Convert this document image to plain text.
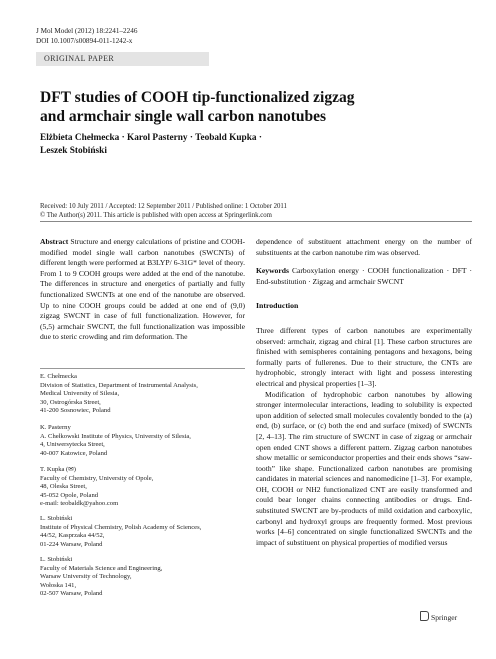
J Mol Model (2012) 18:2241–2246
DOI 10.1007/s00894-011-1242-x
ORIGINAL PAPER
DFT studies of COOH tip-functionalized zigzag
and armchair single wall carbon nanotubes
Elżbieta Chełmecka · Karol Pasterny · Teobald Kupka ·
Leszek Stobiński
Received: 10 July 2011 / Accepted: 12 September 2011 / Published online: 1 October 2011
© The Author(s) 2011. This article is published with open access at Springerlink.com
Abstract Structure and energy calculations of pristine and COOH-modified model single wall carbon nanotubes (SWCNTs) of different length were performed at B3LYP/ 6-31G* level of theory. From 1 to 9 COOH groups were added at the end of the nanotube. The differences in structure and energetics of partially and fully functionalized SWCNTs at one end of the nanotube are observed. Up to nine COOH groups could be added at one end of (9,0) zigzag SWCNT in case of full functionalization. However, for (5,5) armchair SWCNT, the full functionalization was impossible due to steric crowding and rim deformation. The
E. Chełmecka
Division of Statistics, Department of Instrumental Analysis,
Medical University of Silesia,
30, Ostrogórska Street,
41-200 Sosnowiec, Poland
K. Pasterny
A. Chełkowski Institute of Physics, University of Silesia,
4, Uniwersytecka Street,
40-007 Katowice, Poland
T. Kupka (✉)
Faculty of Chemistry, University of Opole,
48, Oleska Street,
45-052 Opole, Poland
e-mail: teobaldk@yahoo.com
L. Stobiński
Institute of Physical Chemistry, Polish Academy of Sciences,
44/52, Kasprzaka 44/52,
01-224 Warsaw, Poland
L. Stobiński
Faculty of Materials Science and Engineering,
Warsaw University of Technology,
Wołoska 141,
02-507 Warsaw, Poland
dependence of substituent attachment energy on the number of substituents at the carbon nanotube rim was observed.
Keywords Carboxylation energy · COOH functionalization · DFT · End-substitution · Zigzag and armchair SWCNT
Introduction

Three different types of carbon nanotubes are experimentally observed: armchair, zigzag and chiral [1]. These carbon structures are finished with semispheres containing pentagons and hexagons, being formally parts of fullerenes. Due to their structure, the CNTs are hydrophobic, strongly interact with light and possess interesting electrical and physical properties [1–3].

Modification of hydrophobic carbon nanotubes by allowing stronger intermolecular interactions, leading to solubility is expected upon addition of selected small molecules covalently bonded to the (a) end, (b) surface, or (c) both the end and surface (mixed) of SWCNTs [2, 4–13]. The rim structure of SWCNT in case of zigzag or armchair open ended CNT shows a different pattern. Zigzag carbon nanotubes show metallic or semiconductor properties and their ends shows “saw-tooth” like shape. Functionalized carbon nanotubes are promising candidates in material sciences and nanomedicine [1–3]. For example, OH, COOH or NH2 functionalized CNT are easily transformed and could bear longer chains connecting antibodies or drugs. End-substituted SWCNT are by-products of mild oxidation and carboxylic, carbonyl and hydroxyl groups are frequently formed. Most previous works [4–6] concentrated on single functionalized SWCNTs and the impact of substituent on physical properties of modified versus

Springer
